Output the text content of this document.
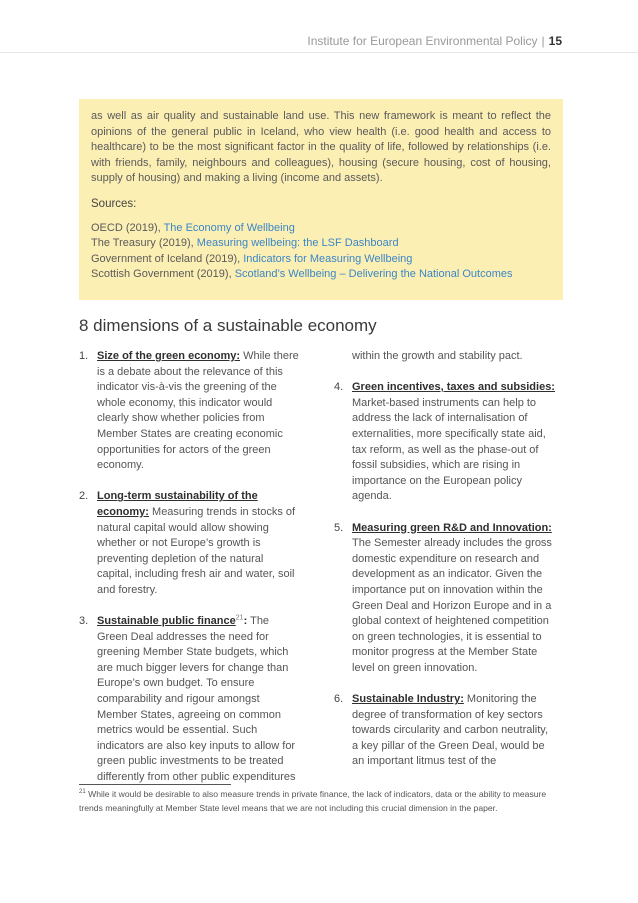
Institute for European Environmental Policy | 15

as well as air quality and sustainable land use. This new framework is meant to reflect the opinions of the general public in Iceland, who view health (i.e. good health and access to healthcare) to be the most significant factor in the quality of life, followed by relationships (i.e. with friends, family, neighbours and colleagues), housing (secure housing, cost of housing, supply of housing) and making a living (income and assets).

Sources:

OECD (2019), The Economy of Wellbeing

The Treasury (2019), Measuring wellbeing: the LSF Dashboard

Government of Iceland (2019), Indicators for Measuring Wellbeing

Scottish Government (2019), Scotland’s Wellbeing – Delivering the National Outcomes

8 dimensions of a sustainable economy
1. Size of the green economy: While there is a debate about the relevance of this indicator vis-à-vis the greening of the whole economy, this indicator would clearly show whether policies from Member States are creating economic opportunities for actors of the green economy.
2. Long-term sustainability of the economy: Measuring trends in stocks of natural capital would allow showing whether or not Europe’s growth is preventing depletion of the natural capital, including fresh air and water, soil and forestry.
3. Sustainable public finance$^{21}$: The Green Deal addresses the need for greening Member State budgets, which are much bigger levers for change than Europe’s own budget. To ensure comparability and rigour amongst Member States, agreeing on common metrics would be essential. Such indicators are also key inputs to allow for green public investments to be treated differently from other public expenditures
within the growth and stability pact.
4. Green incentives, taxes and subsidies: Market-based instruments can help to address the lack of internalisation of externalities, more specifically state aid, tax reform, as well as the phase-out of fossil subsidies, which are rising in importance on the European policy agenda.
5. Measuring green R&D and Innovation: The Semester already includes the gross domestic expenditure on research and development as an indicator. Given the importance put on innovation within the Green Deal and Horizon Europe and in a global context of heightened competition on green technologies, it is essential to monitor progress at the Member State level on green innovation.
6. Sustainable Industry: Monitoring the degree of transformation of key sectors towards circularity and carbon neutrality, a key pillar of the Green Deal, would be an important litmus test of the
$^{21}$ While it would be desirable to also measure trends in private finance, the lack of indicators, data or the ability to measure trends meaningfully at Member State level means that we are not including this crucial dimension in the paper.
